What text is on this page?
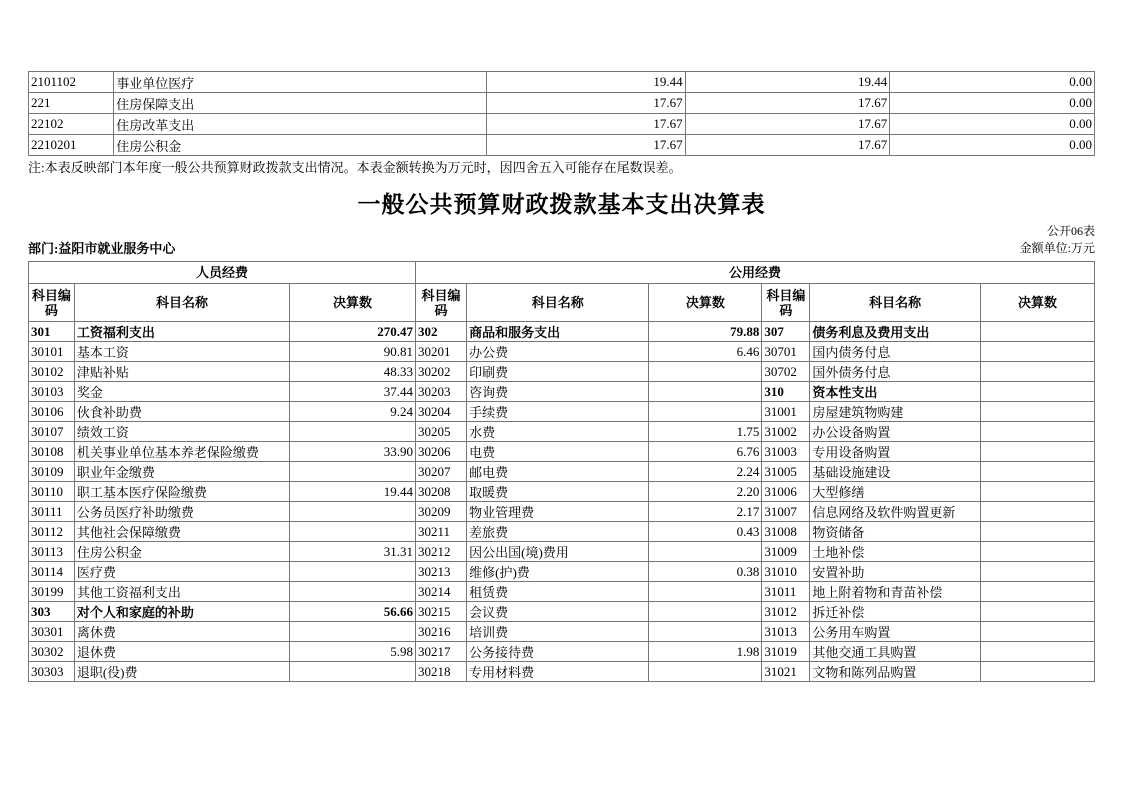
2101102	事业单位医疗	19.44	19.44	0.00
221	住房保障支出	17.67	17.67	0.00
22102	住房改革支出	17.67	17.67	0.00
2210201	住房公积金	17.67	17.67	0.00

注:本表反映部门本年度一般公共预算财政拨款支出情况。本表金额转换为万元时，因四舍五入可能存在尾数误差。

一般公共预算财政拨款基本支出决算表
部门:益阳市就业服务中心
公开06表
金额单位:万元
人员经费			公用经费					
科目编码	科目名称	决算数	科目编码	科目名称	决算数	科目编码	科目名称	决算数
301	工资福利支出	270.47	302	商品和服务支出	79.88	307	债务利息及费用支出	
30101	基本工资	90.81	30201	办公费	6.46	30701	国内债务付息	
30102	津贴补贴	48.33	30202	印刷费		30702	国外债务付息	
30103	奖金	37.44	30203	咨询费		310	资本性支出	
30106	伙食补助费	9.24	30204	手续费		31001	房屋建筑物购建	
30107	绩效工资		30205	水费	1.75	31002	办公设备购置	
30108	机关事业单位基本养老保险缴费	33.90	30206	电费	6.76	31003	专用设备购置	
30109	职业年金缴费		30207	邮电费	2.24	31005	基础设施建设	
30110	职工基本医疗保险缴费	19.44	30208	取暖费	2.20	31006	大型修缮	
30111	公务员医疗补助缴费		30209	物业管理费	2.17	31007	信息网络及软件购置更新	
30112	其他社会保障缴费		30211	差旅费	0.43	31008	物资储备	
30113	住房公积金	31.31	30212	因公出国(境)费用		31009	土地补偿	
30114	医疗费		30213	维修(护)费	0.38	31010	安置补助	
30199	其他工资福利支出		30214	租赁费		31011	地上附着物和青苗补偿	
303	对个人和家庭的补助	56.66	30215	会议费		31012	拆迁补偿	
30301	离休费		30216	培训费		31013	公务用车购置	
30302	退休费	5.98	30217	公务接待费	1.98	31019	其他交通工具购置	
30303	退职(役)费		30218	专用材料费		31021	文物和陈列品购置	
